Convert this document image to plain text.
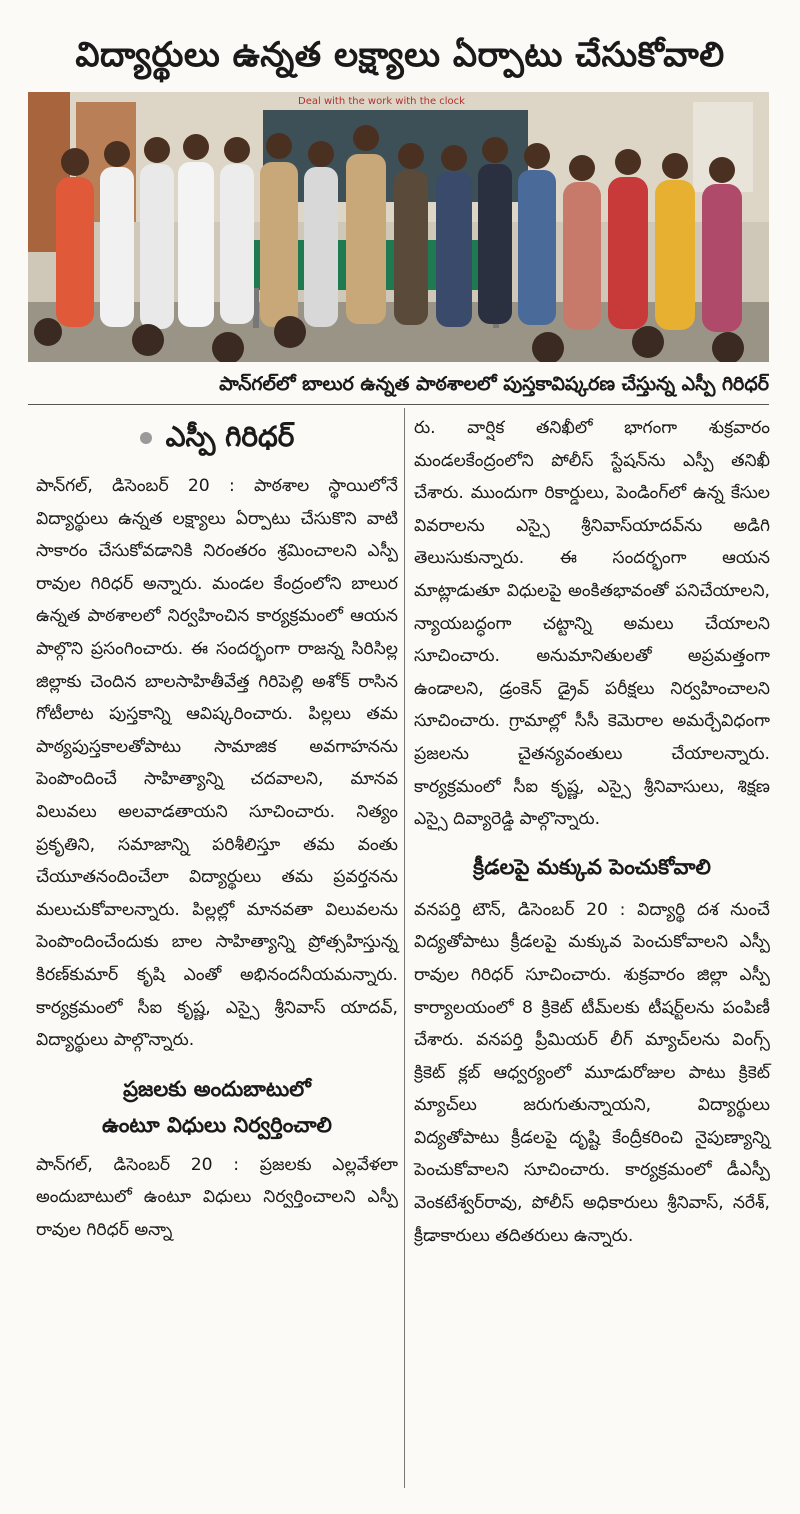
విద్యార్థులు ఉన్నత లక్ష్యాలు ఏర్పాటు చేసుకోవాలి
Deal with the work with the clock
పాన్‌గల్‌లో బాలుర ఉన్నత పాఠశాలలో పుస్తకావిష్కరణ చేస్తున్న ఎస్పీ గిరిధర్
ఎస్పీ గిరిధర్

పాన్‌గల్, డిసెంబర్ 20 : పాఠశాల స్థాయిలోనే విద్యార్థులు ఉన్నత లక్ష్యాలు ఏర్పాటు చేసుకొని వాటి సాకారం చేసుకోవడానికి నిరంతరం శ్రమించాలని ఎస్పీ రావుల గిరిధర్ అన్నారు. మండల కేంద్రంలోని బాలుర ఉన్నత పాఠశాలలో నిర్వహించిన కార్యక్రమంలో ఆయన పాల్గొని ప్రసంగించారు. ఈ సందర్భంగా రాజన్న సిరిసిల్ల జిల్లాకు చెందిన బాలసాహితీవేత్త గిరిపెల్లి అశోక్ రాసిన గోటీలాట పుస్తకాన్ని ఆవిష్కరించారు. పిల్లలు తమ పాఠ్యపుస్తకాలతోపాటు సామాజిక అవగాహనను పెంపొందించే సాహిత్యాన్ని చదవాలని, మానవ విలువలు అలవాడతాయని సూచించారు. నిత్యం ప్రకృతిని, సమాజాన్ని పరిశీలిస్తూ తమ వంతు చేయూతనందించేలా విద్యార్థులు తమ ప్రవర్తనను మలుచుకోవాలన్నారు. పిల్లల్లో మానవతా విలువలను పెంపొందించేందుకు బాల సాహిత్యాన్ని ప్రోత్సహిస్తున్న కిరణ్‌కుమార్ కృషి ఎంతో అభినందనీయమన్నారు. కార్యక్రమంలో సీఐ కృష్ణ, ఎస్సై శ్రీనివాస్ యాదవ్, విద్యార్థులు పాల్గొన్నారు.

ప్రజలకు అందుబాటులో
ఉంటూ విధులు నిర్వర్తించాలి

పాన్‌గల్, డిసెంబర్ 20 : ప్రజలకు ఎల్లవేళలా అందుబాటులో ఉంటూ విధులు నిర్వర్తించాలని ఎస్పీ రావుల గిరిధర్ అన్నా

రు. వార్షిక తనిఖీలో భాగంగా శుక్రవారం మండలకేంద్రంలోని పోలీస్ స్టేషన్‌ను ఎస్పీ తనిఖీ చేశారు. ముందుగా రికార్డులు, పెండింగ్‌లో ఉన్న కేసుల వివరాలను ఎస్సై శ్రీనివాస్‌యాదవ్‌ను అడిగి తెలుసుకున్నారు. ఈ సందర్భంగా ఆయన మాట్లాడుతూ విధులపై అంకితభావంతో పనిచేయాలని, న్యాయబద్ధంగా చట్టాన్ని అమలు చేయాలని సూచించారు. అనుమానితులతో అప్రమత్తంగా ఉండాలని, డ్రంకెన్ డ్రైవ్ పరీక్షలు నిర్వహించాలని సూచించారు. గ్రామాల్లో సీసీ కెమెరాల అమర్చేవిధంగా ప్రజలను చైతన్యవంతులు చేయాలన్నారు. కార్యక్రమంలో సీఐ కృష్ణ, ఎస్సై శ్రీనివాసులు, శిక్షణ ఎస్సై దివ్యారెడ్డి పాల్గొన్నారు.

క్రీడలపై మక్కువ పెంచుకోవాలి

వనపర్తి టౌన్, డిసెంబర్ 20 : విద్యార్థి దశ నుంచే విద్యతోపాటు క్రీడలపై మక్కువ పెంచుకోవాలని ఎస్పీ రావుల గిరిధర్ సూచించారు. శుక్రవారం జిల్లా ఎస్పీ కార్యాలయంలో 8 క్రికెట్ టీమ్‌లకు టీషర్ట్‌లను పంపిణీ చేశారు. వనపర్తి ప్రీమియర్ లీగ్ మ్యాచ్‌లను వింగ్స్ క్రికెట్ క్లబ్ ఆధ్వర్యంలో మూడురోజుల పాటు క్రికెట్ మ్యాచ్‌లు జరుగుతున్నాయని, విద్యార్థులు విద్యతోపాటు క్రీడలపై దృష్టి కేంద్రీకరించి నైపుణ్యాన్ని పెంచుకోవాలని సూచించారు. కార్యక్రమంలో డీఎస్పీ వెంకటేశ్వర్‌రావు, పోలీస్ అధికారులు శ్రీనివాస్, నరేశ్, క్రీడాకారులు తదితరులు ఉన్నారు.
